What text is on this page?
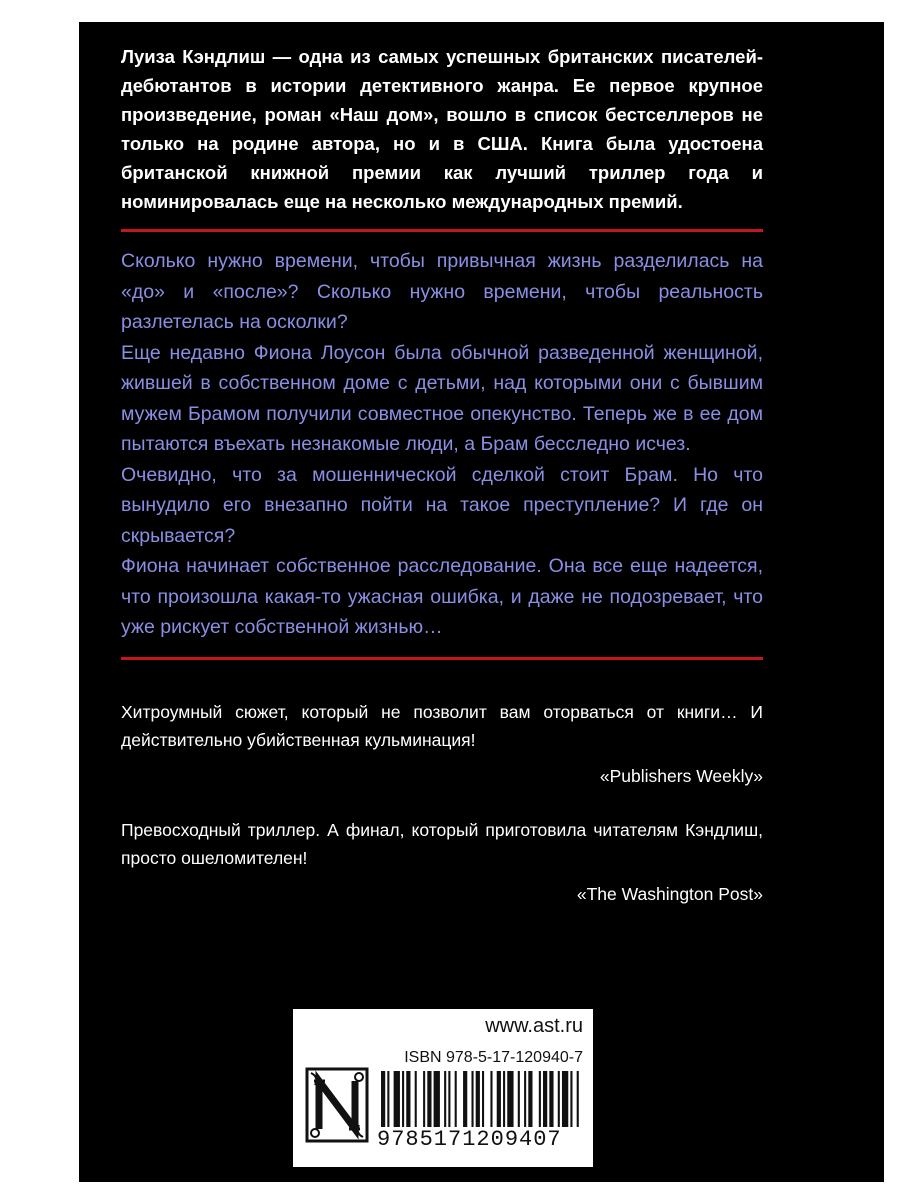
Луиза Кэндлиш — одна из самых успешных британских писателей-дебютантов в истории детективного жанра. Ее первое крупное произведение, роман «Наш дом», вошло в список бестселлеров не только на родине автора, но и в США. Книга была удостоена британской книжной премии как лучший триллер года и номинировалась еще на несколько международных премий.

Сколько нужно времени, чтобы привычная жизнь разделилась на «до» и «после»? Сколько нужно времени, чтобы реальность разлетелась на осколки?

Еще недавно Фиона Лоусон была обычной разведенной женщиной, жившей в собственном доме с детьми, над которыми они с бывшим мужем Брамом получили совместное опекунство. Теперь же в ее дом пытаются въехать незнакомые люди, а Брам бесследно исчез.

Очевидно, что за мошеннической сделкой стоит Брам. Но что вынудило его внезапно пойти на такое преступление? И где он скрывается?

Фиона начинает собственное расследование. Она все еще надеется, что произошла какая-то ужасная ошибка, и даже не подозревает, что уже рискует собственной жизнью…

Хитроумный сюжет, который не позволит вам оторваться от книги… И действительно убийственная кульминация!

«Publishers Weekly»

Превосходный триллер. А финал, который приготовила читателям Кэндлиш, просто ошеломителен!

«The Washington Post»

www.ast.ru
ISBN 978-5-17-120940-7
9785171209407
